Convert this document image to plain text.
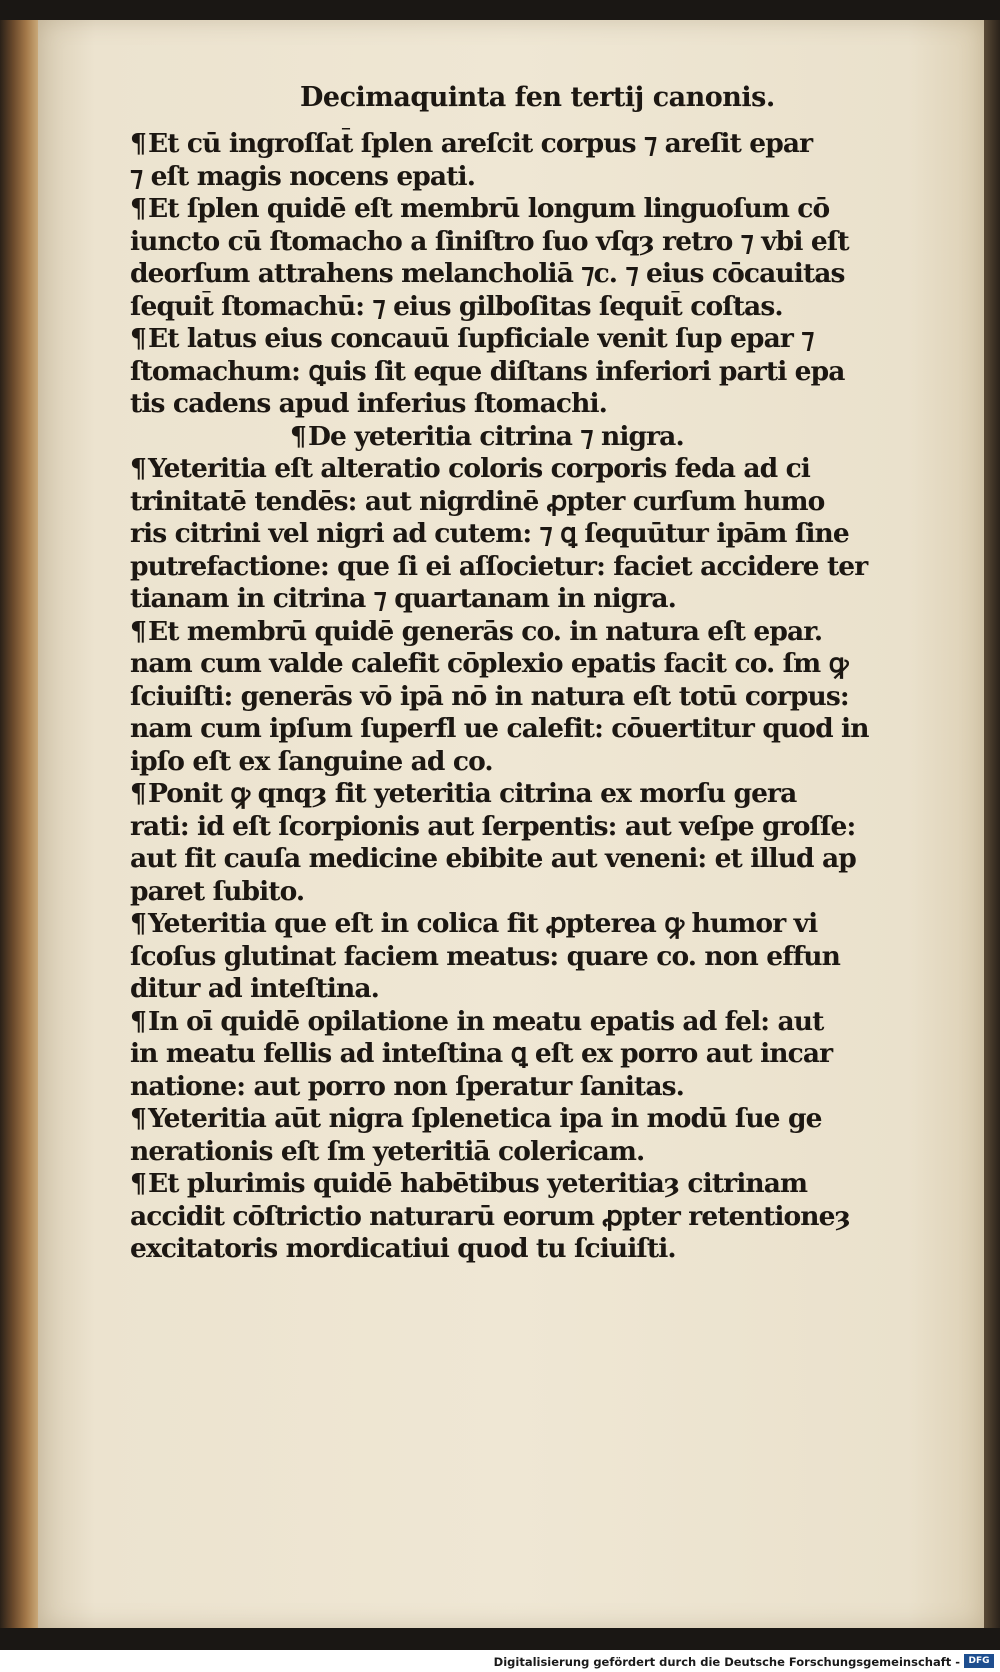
Decimaquinta fen tertij canonis.
¶Et cū ingroſſat̄ ſplen areſcit corpus ⁊ areſit epar
⁊ eſt magis nocens epati.
¶Et ſplen quidē eſt membrū longum linguoſum cō
iuncto cū ſtomacho a ſiniſtro ſuo vſqȝ retro ⁊ vbi eſt
deorſum attrahens melancholiā ⁊c. ⁊ eius cōcauitas
ſequit̄ ſtomachū: ⁊ eius gilboſitas ſequit̄ coſtas.
¶Et latus eius concauū ſupficiale venit ſup epar ⁊
ſtomachum: ꝗuis ſit eque diſtans inferiori parti epa
tis cadens apud inferius ſtomachi.
¶De yeteritia citrina ⁊ nigra.
¶Yeteritia eſt alteratio coloris corporis feda ad ci
trinitatē tendēs: aut nigrdinē ꝓpter curſum humo
ris citrini vel nigri ad cutem: ⁊ ꝗ ſequūtur ipām ſine
putrefactione: que ſi ei aſſocietur: faciet accidere ter
tianam in citrina ⁊ quartanam in nigra.
¶Et membrū quidē generās co. in natura eſt epar.
nam cum valde calefit cōplexio epatis facit co. ſm ꝙ
ſciuiſti: generās vō ipā nō in natura eſt totū corpus:
nam cum ipſum ſuperfl ue calefit: cōuertitur quod in
ipſo eſt ex ſanguine ad co.
¶Ponit ꝙ qnqȝ fit yeteritia citrina ex morſu gera
rati: id eſt ſcorpionis aut ſerpentis: aut veſpe groſſe:
aut fit cauſa medicine ebibite aut veneni: et illud ap
paret ſubito.
¶Yeteritia que eſt in colica fit ꝓpterea ꝙ humor vi
ſcoſus glutinat faciem meatus: quare co. non effun
ditur ad inteſtina.
¶In oī quidē opilatione in meatu epatis ad fel: aut
in meatu fellis ad inteſtina ꝗ eſt ex porro aut incar
natione: aut porro non ſperatur ſanitas.
¶Yeteritia aūt nigra ſplenetica ipa in modū ſue ge
nerationis eſt ſm yeteritiā colericam.
¶Et plurimis quidē habētibus yeteritiaȝ citrinam
accidit cōſtrictio naturarū eorum ꝓpter retentioneȝ
excitatoris mordicatiui quod tu ſciuiſti.
Digitalisierung gefördert durch die Deutsche Forschungsgemeinschaft - DFG
